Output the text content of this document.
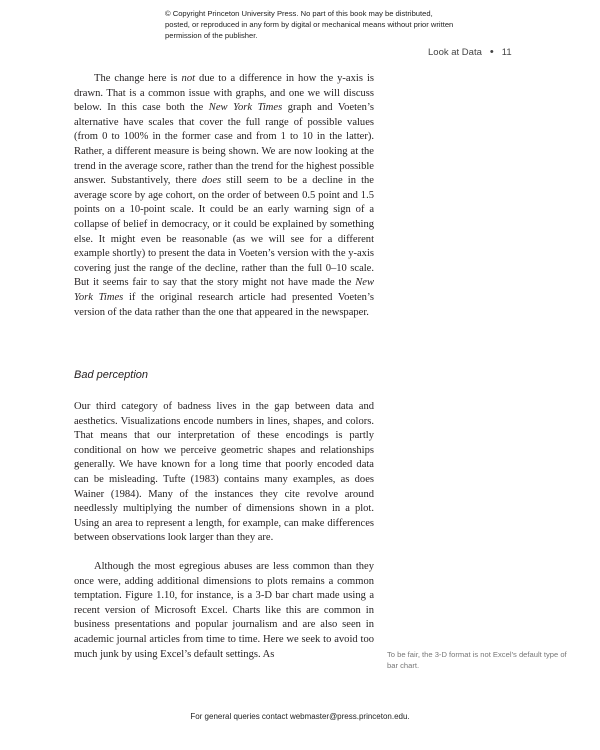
© Copyright Princeton University Press. No part of this book may be distributed, posted, or reproduced in any form by digital or mechanical means without prior written permission of the publisher.
Look at Data • 11

The change here is not due to a difference in how the y-axis is drawn. That is a common issue with graphs, and one we will discuss below. In this case both the New York Times graph and Voeten’s alternative have scales that cover the full range of possible values (from 0 to 100% in the former case and from 1 to 10 in the latter). Rather, a different measure is being shown. We are now looking at the trend in the average score, rather than the trend for the highest possible answer. Substantively, there does still seem to be a decline in the average score by age cohort, on the order of between 0.5 point and 1.5 points on a 10-point scale. It could be an early warning sign of a collapse of belief in democracy, or it could be explained by something else. It might even be reasonable (as we will see for a different example shortly) to present the data in Voeten’s version with the y-axis covering just the range of the decline, rather than the full 0–10 scale. But it seems fair to say that the story might not have made the New York Times if the original research article had presented Voeten’s version of the data rather than the one that appeared in the newspaper.

Bad perception

Our third category of badness lives in the gap between data and aesthetics. Visualizations encode numbers in lines, shapes, and colors. That means that our interpretation of these encodings is partly conditional on how we perceive geometric shapes and relationships generally. We have known for a long time that poorly encoded data can be misleading. Tufte (1983) contains many examples, as does Wainer (1984). Many of the instances they cite revolve around needlessly multiplying the number of dimensions shown in a plot. Using an area to represent a length, for example, can make differences between observations look larger than they are.

Although the most egregious abuses are less common than they once were, adding additional dimensions to plots remains a common temptation. Figure 1.10, for instance, is a 3-D bar chart made using a recent version of Microsoft Excel. Charts like this are common in business presentations and popular journalism and are also seen in academic journal articles from time to time. Here we seek to avoid too much junk by using Excel’s default settings. As	To be fair, the 3-D format is not Excel’s default type of bar chart.
For general queries contact webmaster@press.princeton.edu.
